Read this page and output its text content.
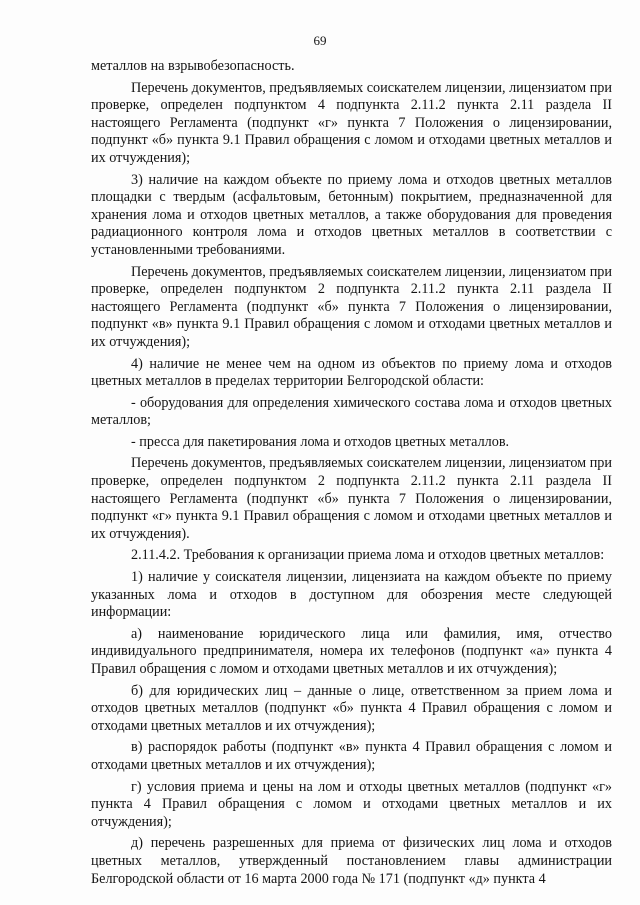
69

металлов на взрывобезопасность.

Перечень документов, предъявляемых соискателем лицензии, лицензиатом при проверке, определен подпунктом 4 подпункта 2.11.2 пункта 2.11 раздела II настоящего Регламента (подпункт «г» пункта 7 Положения о лицензировании, подпункт «б» пункта 9.1 Правил обращения с ломом и отходами цветных металлов и их отчуждения);

3) наличие на каждом объекте по приему лома и отходов цветных металлов площадки с твердым (асфальтовым, бетонным) покрытием, предназначенной для хранения лома и отходов цветных металлов, а также оборудования для проведения радиационного контроля лома и отходов цветных металлов в соответствии с установленными требованиями.

Перечень документов, предъявляемых соискателем лицензии, лицензиатом при проверке, определен подпунктом 2 подпункта 2.11.2 пункта 2.11 раздела II настоящего Регламента (подпункт «б» пункта 7 Положения о лицензировании, подпункт «в» пункта 9.1 Правил обращения с ломом и отходами цветных металлов и их отчуждения);

4) наличие не менее чем на одном из объектов по приему лома и отходов цветных металлов в пределах территории Белгородской области:

- оборудования для определения химического состава лома и отходов цветных металлов;

- пресса для пакетирования лома и отходов цветных металлов.

Перечень документов, предъявляемых соискателем лицензии, лицензиатом при проверке, определен подпунктом 2 подпункта 2.11.2 пункта 2.11 раздела II настоящего Регламента (подпункт «б» пункта 7 Положения о лицензировании, подпункт «г» пункта 9.1 Правил обращения с ломом и отходами цветных металлов и их отчуждения).

2.11.4.2. Требования к организации приема лома и отходов цветных металлов:

1) наличие у соискателя лицензии, лицензиата на каждом объекте по приему указанных лома и отходов в доступном для обозрения месте следующей информации:

а) наименование юридического лица или фамилия, имя, отчество индивидуального предпринимателя, номера их телефонов (подпункт «а» пункта 4 Правил обращения с ломом и отходами цветных металлов и их отчуждения);

б) для юридических лиц – данные о лице, ответственном за прием лома и отходов цветных металлов (подпункт «б» пункта 4 Правил обращения с ломом и отходами цветных металлов и их отчуждения);

в) распорядок работы (подпункт «в» пункта 4 Правил обращения с ломом и отходами цветных металлов и их отчуждения);

г) условия приема и цены на лом и отходы цветных металлов (подпункт «г» пункта 4 Правил обращения с ломом и отходами цветных металлов и их отчуждения);

д) перечень разрешенных для приема от физических лиц лома и отходов цветных металлов, утвержденный постановлением главы администрации Белгородской области от 16 марта 2000 года № 171 (подпункт «д» пункта 4
